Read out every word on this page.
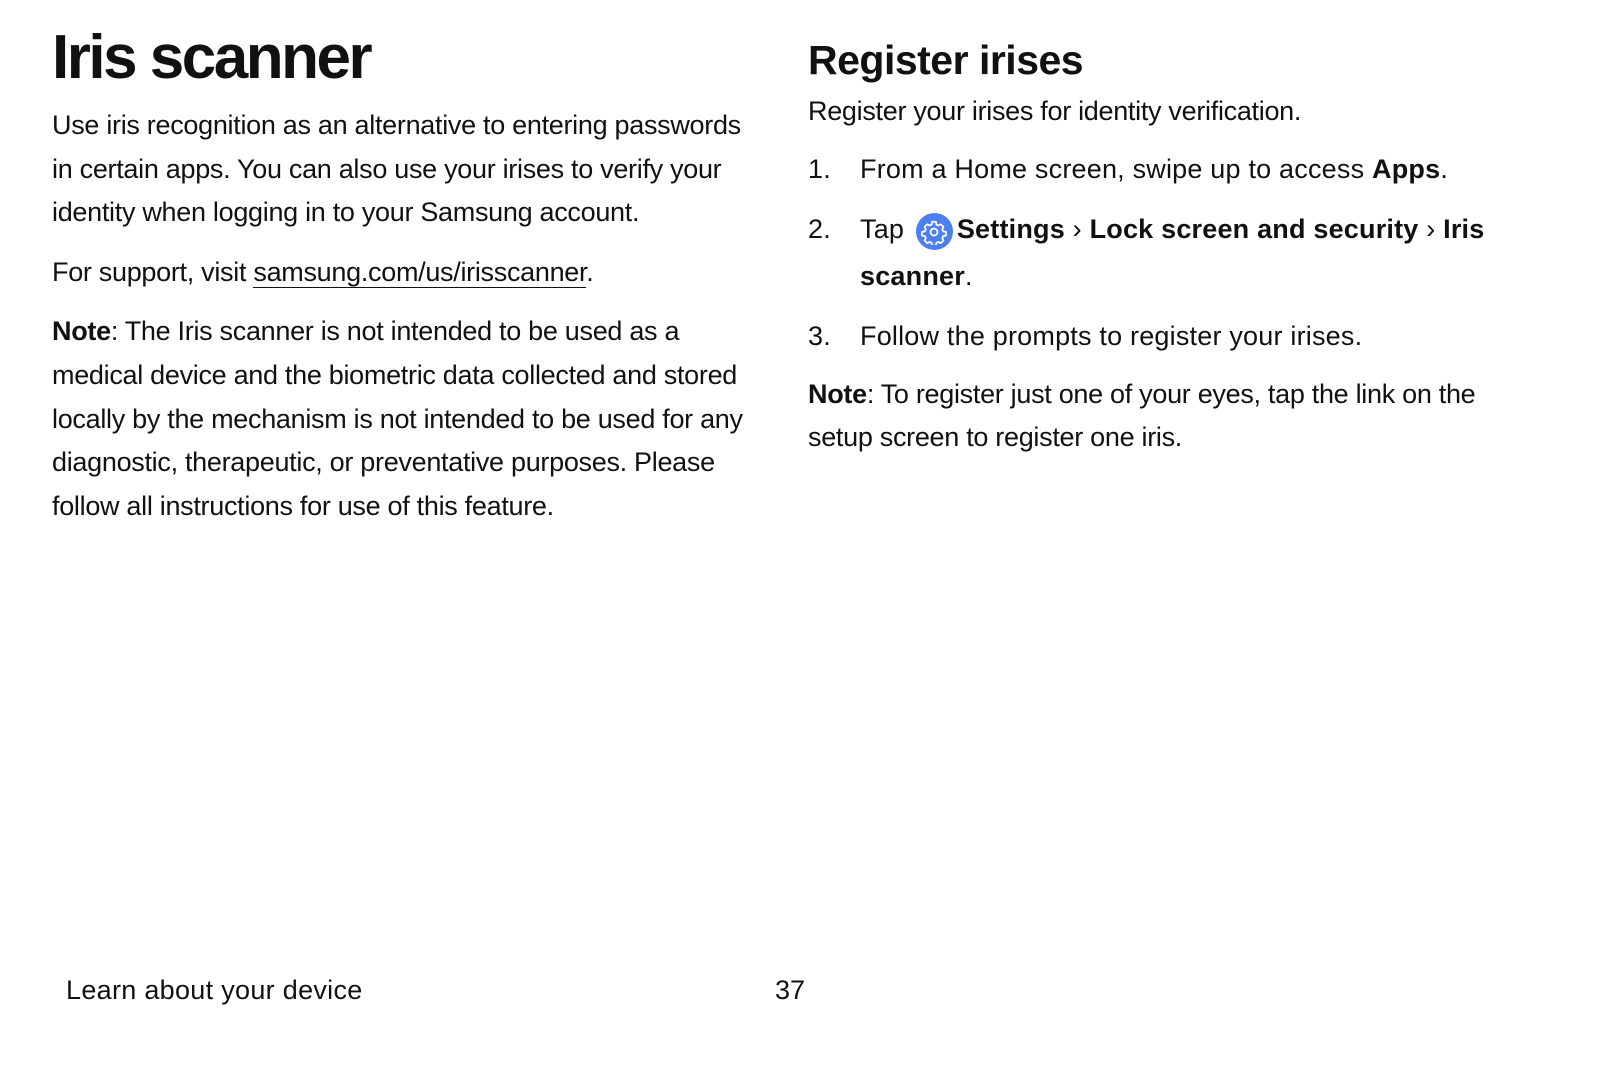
Iris scanner

Use iris recognition as an alternative to entering passwords in certain apps. You can also use your irises to verify your identity when logging in to your Samsung account.

For support, visit samsung.com/us/irisscanner.

Note: The Iris scanner is not intended to be used as a medical device and the biometric data collected and stored locally by the mechanism is not intended to be used for any diagnostic, therapeutic, or preventative purposes. Please follow all instructions for use of this feature.

Register irises

Register your irises for identity verification.

1.	From a Home screen, swipe up to access Apps.
2.	Tap
Settings › Lock screen and security › Iris scanner.
3.	Follow the prompts to register your irises.

Note: To register just one of your eyes, tap the link on the setup screen to register one iris.

Learn about your device	37
